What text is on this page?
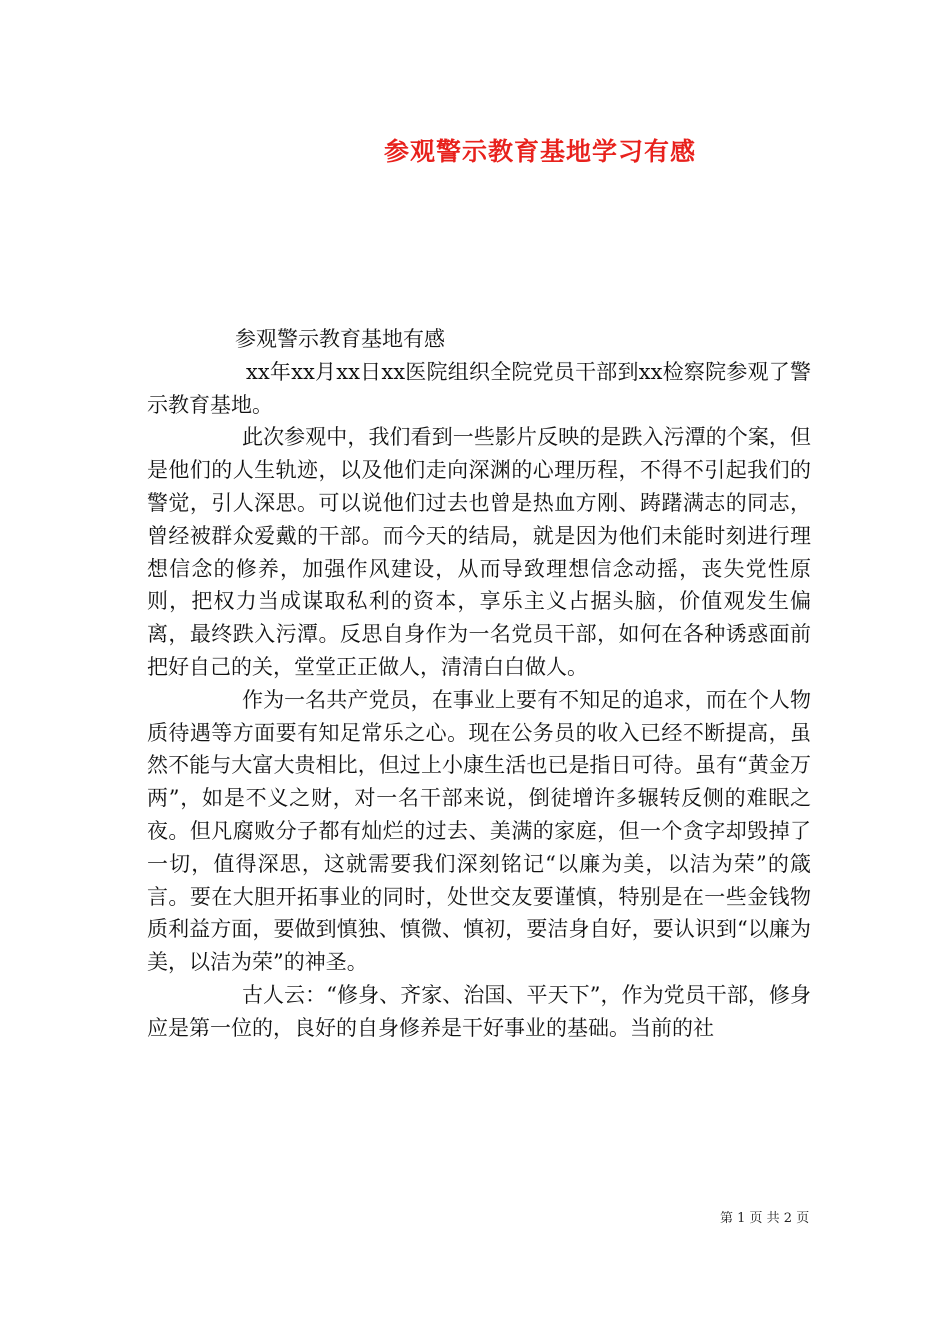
参观警示教育基地学习有感

参观警示教育基地有感

xx年xx月xx日xx医院组织全院党员干部到xx检察院参观了警示教育基地。

此次参观中，我们看到一些影片反映的是跌入污潭的个案，但是他们的人生轨迹，以及他们走向深渊的心理历程，不得不引起我们的警觉，引人深思。可以说他们过去也曾是热血方刚、踌躇满志的同志，曾经被群众爱戴的干部。而今天的结局，就是因为他们未能时刻进行理想信念的修养，加强作风建设，从而导致理想信念动摇，丧失党性原则，把权力当成谋取私利的资本，享乐主义占据头脑，价值观发生偏离，最终跌入污潭。反思自身作为一名党员干部，如何在各种诱惑面前把好自己的关，堂堂正正做人，清清白白做人。

作为一名共产党员，在事业上要有不知足的追求，而在个人物质待遇等方面要有知足常乐之心。现在公务员的收入已经不断提高，虽然不能与大富大贵相比，但过上小康生活也已是指日可待。虽有“黄金万两”，如是不义之财，对一名干部来说，倒徒增许多辗转反侧的难眠之夜。但凡腐败分子都有灿烂的过去、美满的家庭，但一个贪字却毁掉了一切，值得深思，这就需要我们深刻铭记“以廉为美，以洁为荣”的箴言。要在大胆开拓事业的同时，处世交友要谨慎，特别是在一些金钱物质利益方面，要做到慎独、慎微、慎初，要洁身自好，要认识到“以廉为美，以洁为荣”的神圣。

古人云：“修身、齐家、治国、平天下”，作为党员干部，修身应是第一位的，良好的自身修养是干好事业的基础。当前的社

第 1 页 共 2 页
